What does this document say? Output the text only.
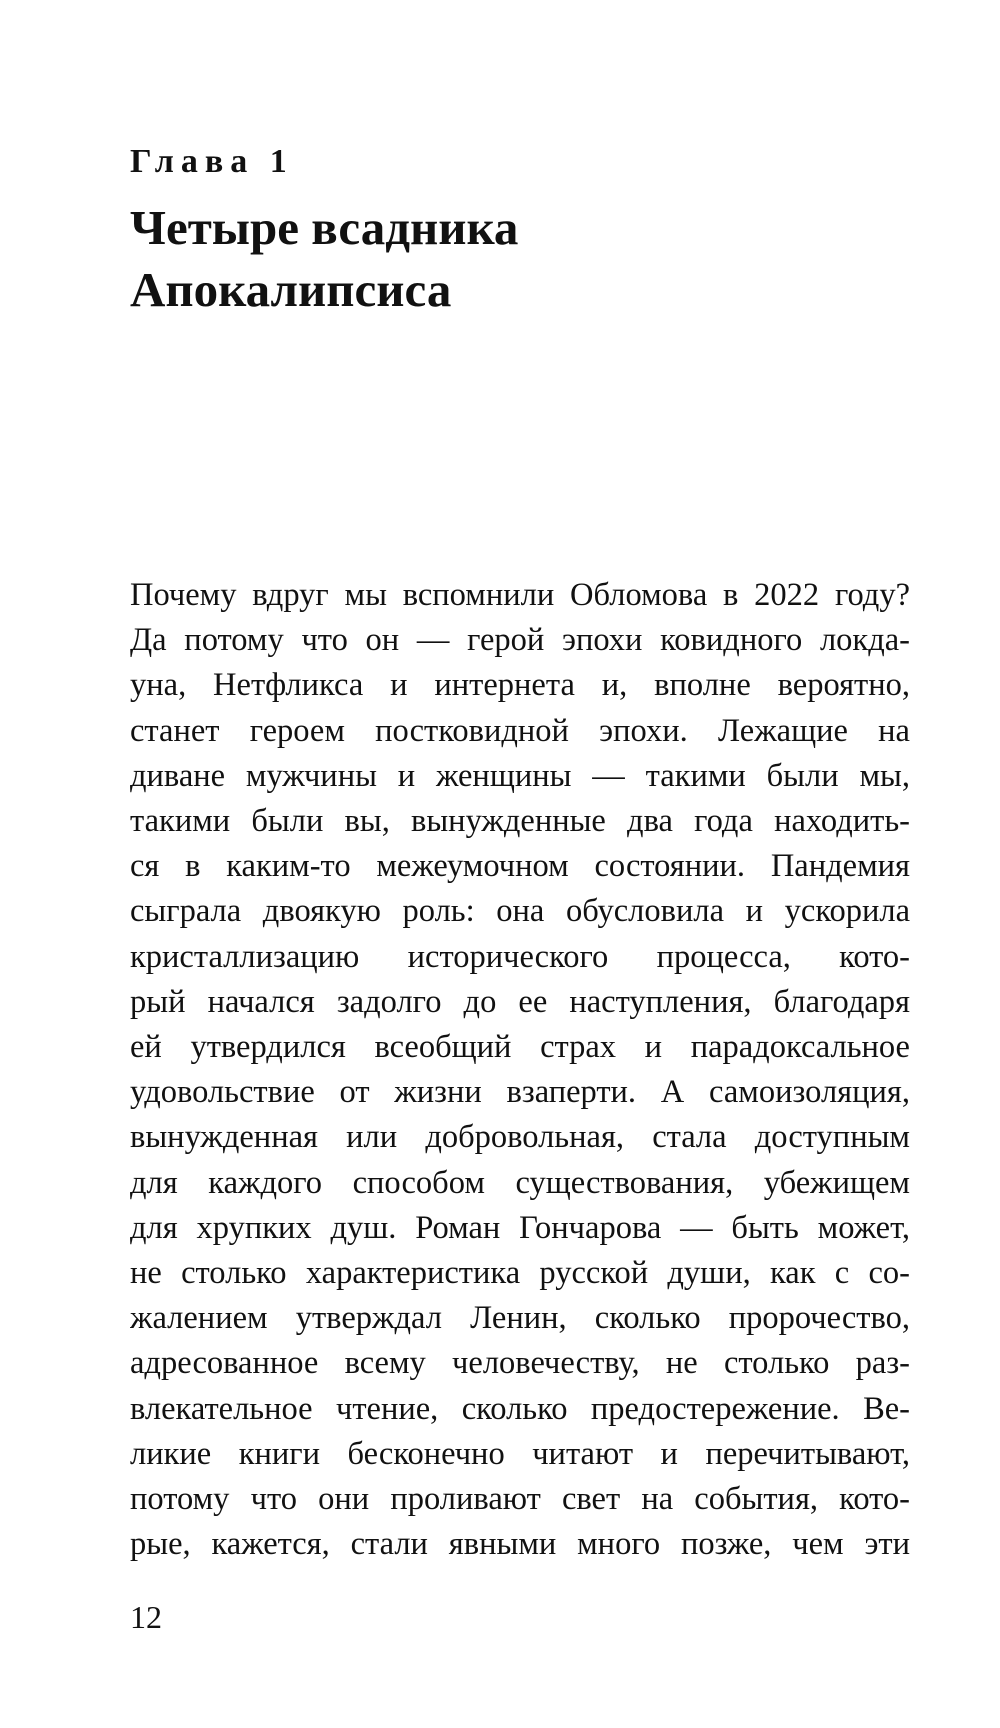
Глава 1
Четыре всадника
Апокалипсиса
Почему вдруг мы вспомнили Обломова в 2022 году?
Да потому что он — герой эпохи ковидного локда-
уна, Нетфликса и интернета и, вполне вероятно,
станет героем постковидной эпохи. Лежащие на
диване мужчины и женщины — такими были мы,
такими были вы, вынужденные два года находить-
ся в каким-то межеумочном состоянии. Пандемия
сыграла двоякую роль: она обусловила и ускорила
кристаллизацию исторического процесса, кото-
рый начался задолго до ее наступления, благодаря
ей утвердился всеобщий страх и парадоксальное
удовольствие от жизни взаперти. А самоизоляция,
вынужденная или добровольная, стала доступным
для каждого способом существования, убежищем
для хрупких душ. Роман Гончарова — быть может,
не столько характеристика русской души, как с со-
жалением утверждал Ленин, сколько пророчество,
адресованное всему человечеству, не столько раз-
влекательное чтение, сколько предостережение. Ве-
ликие книги бесконечно читают и перечитывают,
потому что они проливают свет на события, кото-
рые, кажется, стали явными много позже, чем эти
12
